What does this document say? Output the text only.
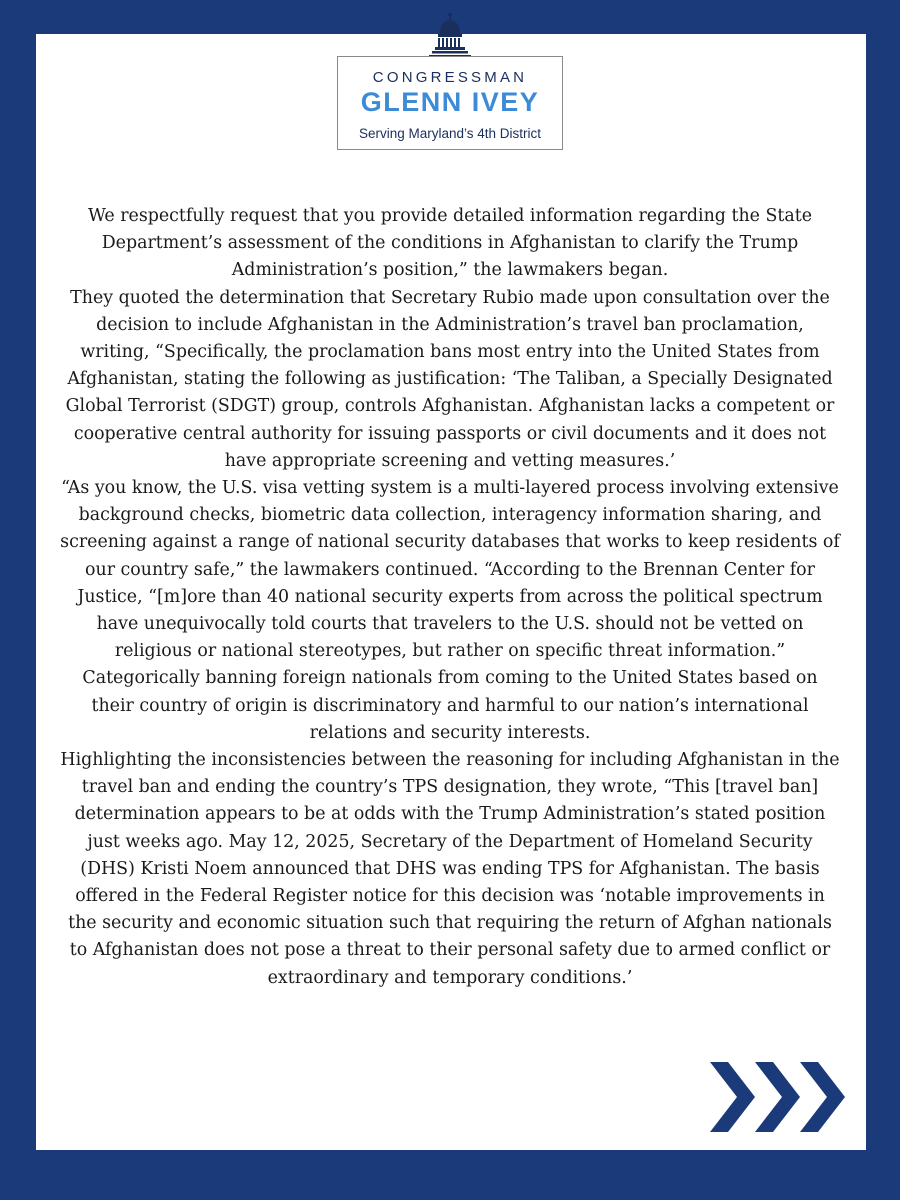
CONGRESSMAN
GLENN IVEY
Serving Maryland’s 4th District

We respectfully request that you provide detailed information regarding the State Department’s assessment of the conditions in Afghanistan to clarify the Trump Administration’s position,” the lawmakers began.

They quoted the determination that Secretary Rubio made upon consultation over the decision to include Afghanistan in the Administration’s travel ban proclamation, writing, “Specifically, the proclamation bans most entry into the United States from Afghanistan, stating the following as justification: ‘The Taliban, a Specially Designated Global Terrorist (SDGT) group, controls Afghanistan. Afghanistan lacks a competent or cooperative central authority for issuing passports or civil documents and it does not have appropriate screening and vetting measures.’

“As you know, the U.S. visa vetting system is a multi-layered process involving extensive background checks, biometric data collection, interagency information sharing, and screening against a range of national security databases that works to keep residents of our country safe,” the lawmakers continued. “According to the Brennan Center for Justice, “[m]ore than 40 national security experts from across the political spectrum have unequivocally told courts that travelers to the U.S. should not be vetted on religious or national stereotypes, but rather on specific threat information.” Categorically banning foreign nationals from coming to the United States based on their country of origin is discriminatory and harmful to our nation’s international relations and security interests.

Highlighting the inconsistencies between the reasoning for including Afghanistan in the travel ban and ending the country’s TPS designation, they wrote, “This [travel ban] determination appears to be at odds with the Trump Administration’s stated position just weeks ago. May 12, 2025, Secretary of the Department of Homeland Security (DHS) Kristi Noem announced that DHS was ending TPS for Afghanistan. The basis offered in the Federal Register notice for this decision was ‘notable improvements in the security and economic situation such that requiring the return of Afghan nationals to Afghanistan does not pose a threat to their personal safety due to armed conflict or extraordinary and temporary conditions.’
